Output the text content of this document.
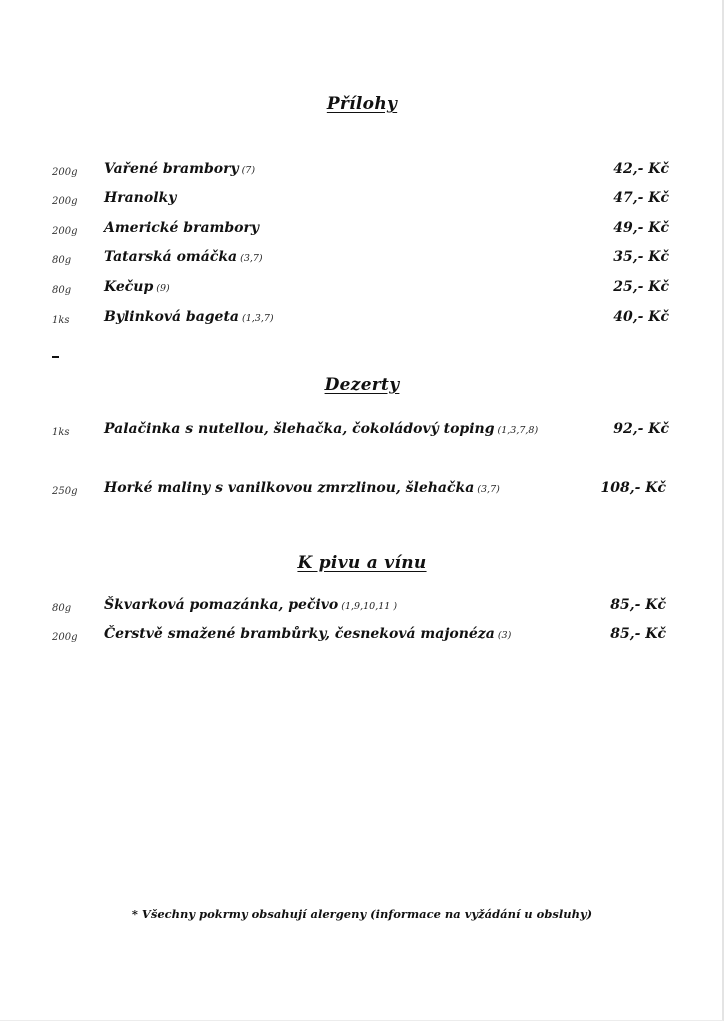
Přílohy
200g Vařené brambory (7)	42,- Kč
200g Hranolky	47,- Kč
200g Americké brambory	49,- Kč
80g Tatarská omáčka (3,7)	35,- Kč
80g Kečup (9)	25,- Kč
1ks Bylinková bageta (1,3,7)	40,- Kč
Dezerty
1ks Palačinka s nutellou, šlehačka, čokoládový toping (1,3,7,8)	92,- Kč
250g Horké maliny s vanilkovou zmrzlinou, šlehačka (3,7)	108,- Kč
K pivu a vínu
80g Škvarková pomazánka, pečivo (1,9,10,11 )	85,- Kč
200g Čerstvě smažené brambůrky, česneková majonéza (3)	85,- Kč
* Všechny pokrmy obsahují alergeny (informace na vyžádání u obsluhy)
